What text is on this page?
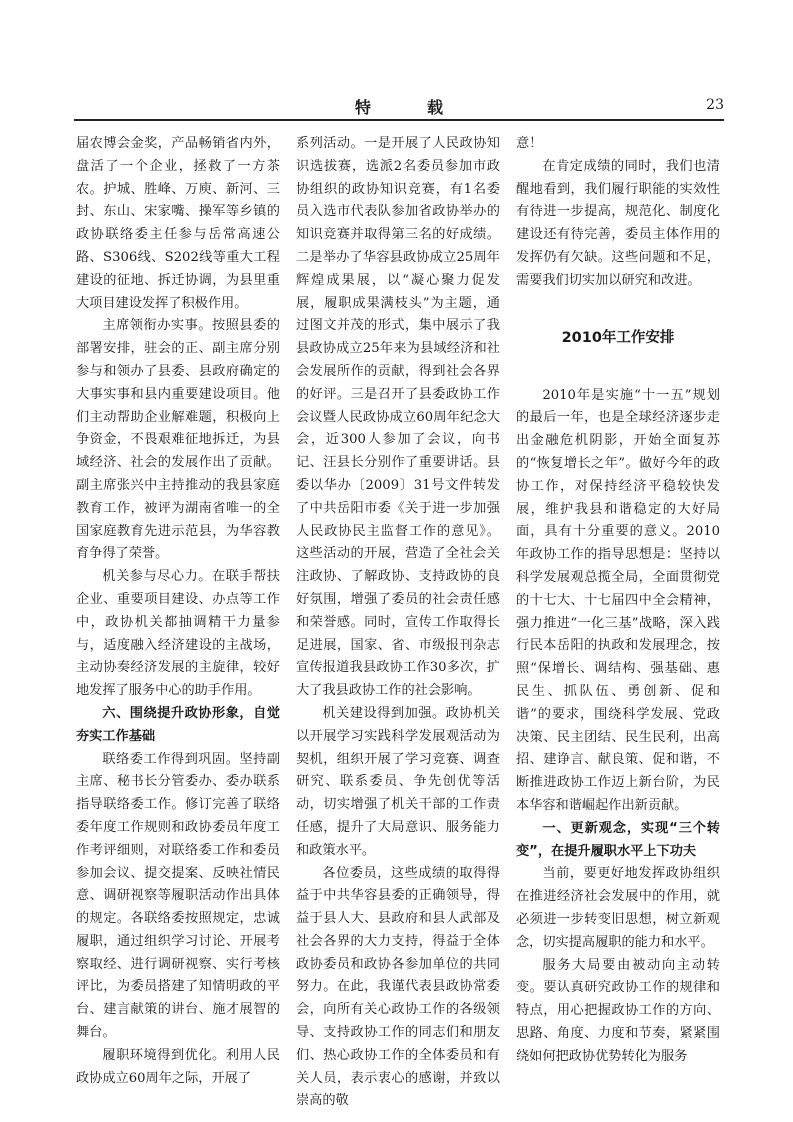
特　载	23

届农博会金奖，产品畅销省内外，盘活了一个企业，拯救了一方茶农。护城、胜峰、万庾、新河、三封、东山、宋家嘴、操军等乡镇的政协联络委主任参与岳常高速公路、S306线、S202线等重大工程建设的征地、拆迁协调，为县里重大项目建设发挥了积极作用。

主席领衔办实事。按照县委的部署安排，驻会的正、副主席分别参与和领办了县委、县政府确定的大事实事和县内重要建设项目。他们主动帮助企业解难题，积极向上争资金，不畏艰难征地拆迁，为县域经济、社会的发展作出了贡献。副主席张兴中主持推动的我县家庭教育工作，被评为湖南省唯一的全国家庭教育先进示范县，为华容教育争得了荣誉。

机关参与尽心力。在联手帮扶企业、重要项目建设、办点等工作中，政协机关都抽调精干力量参与，适度融入经济建设的主战场，主动协奏经济发展的主旋律，较好地发挥了服务中心的助手作用。

六、围绕提升政协形象，自觉夯实工作基础

联络委工作得到巩固。坚持副主席、秘书长分管委办、委办联系指导联络委工作。修订完善了联络委年度工作规则和政协委员年度工作考评细则，对联络委工作和委员参加会议、提交提案、反映社情民意、调研视察等履职活动作出具体的规定。各联络委按照规定，忠诚履职，通过组织学习讨论、开展考察取经、进行调研视察、实行考核评比，为委员搭建了知情明政的平台、建言献策的讲台、施才展智的舞台。

履职环境得到优化。利用人民政协成立60周年之际，开展了

系列活动。一是开展了人民政协知识选拔赛，选派2名委员参加市政协组织的政协知识竞赛，有1名委员入选市代表队参加省政协举办的知识竞赛并取得第三名的好成绩。二是举办了华容县政协成立25周年辉煌成果展，以“凝心聚力促发展，履职成果满枝头”为主题，通过图文并茂的形式，集中展示了我县政协成立25年来为县域经济和社会发展所作的贡献，得到社会各界的好评。三是召开了县委政协工作会议暨人民政协成立60周年纪念大会，近300人参加了会议，向书记、汪县长分别作了重要讲话。县委以华办〔2009〕31号文件转发了中共岳阳市委《关于进一步加强人民政协民主监督工作的意见》。这些活动的开展，营造了全社会关注政协、了解政协、支持政协的良好氛围，增强了委员的社会责任感和荣誉感。同时，宣传工作取得长足进展，国家、省、市级报刊杂志宣传报道我县政协工作30多次，扩大了我县政协工作的社会影响。

机关建设得到加强。政协机关以开展学习实践科学发展观活动为契机，组织开展了学习竞赛、调查研究、联系委员、争先创优等活动，切实增强了机关干部的工作责任感，提升了大局意识、服务能力和政策水平。

各位委员，这些成绩的取得得益于中共华容县委的正确领导，得益于县人大、县政府和县人武部及社会各界的大力支持，得益于全体政协委员和政协各参加单位的共同努力。在此，我谨代表县政协常委会，向所有关心政协工作的各级领导、支持政协工作的同志们和朋友们、热心政协工作的全体委员和有关人员，表示衷心的感谢，并致以崇高的敬

意！

在肯定成绩的同时，我们也清醒地看到，我们履行职能的实效性有待进一步提高，规范化、制度化建设还有待完善，委员主体作用的发挥仍有欠缺。这些问题和不足，需要我们切实加以研究和改进。

2010年工作安排

2010年是实施“十一五”规划的最后一年，也是全球经济逐步走出金融危机阴影，开始全面复苏的“恢复增长之年”。做好今年的政协工作，对保持经济平稳较快发展，维护我县和谐稳定的大好局面，具有十分重要的意义。2010年政协工作的指导思想是：坚持以科学发展观总揽全局，全面贯彻党的十七大、十七届四中全会精神，强力推进“一化三基”战略，深入践行民本岳阳的执政和发展理念，按照“保增长、调结构、强基础、惠民生、抓队伍、勇创新、促和谐”的要求，围绕科学发展、党政决策、民主团结、民生民利，出高招、建诤言、献良策、促和谐，不断推进政协工作迈上新台阶，为民本华容和谐崛起作出新贡献。

一、更新观念，实现“三个转变”，在提升履职水平上下功夫

当前，要更好地发挥政协组织在推进经济社会发展中的作用，就必须进一步转变旧思想，树立新观念，切实提高履职的能力和水平。

服务大局要由被动向主动转变。要认真研究政协工作的规律和特点，用心把握政协工作的方向、思路、角度、力度和节奏，紧紧围绕如何把政协优势转化为服务
